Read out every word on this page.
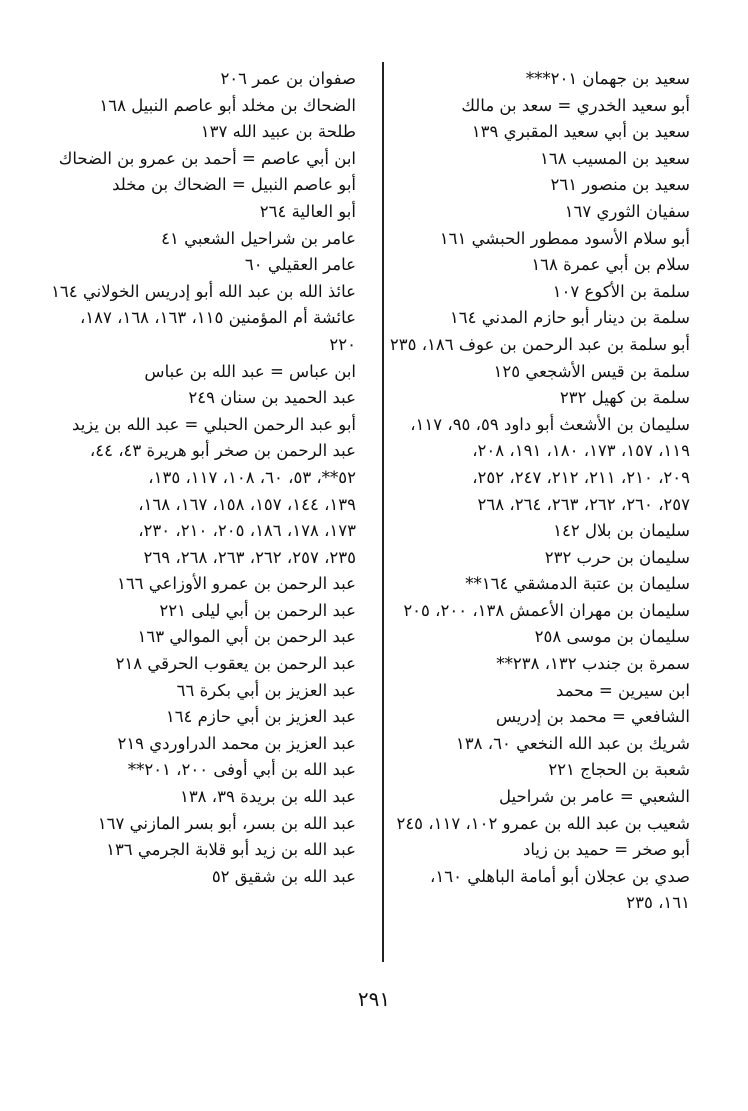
سعيد بن جهمان ٢٠١***
أبو سعيد الخدري = سعد بن مالك
سعيد بن أبي سعيد المقبري ١٣٩
سعيد بن المسيب ١٦٨
سعيد بن منصور ٢٦١
سفيان الثوري ١٦٧
أبو سلام الأسود ممطور الحبشي ١٦١
سلام بن أبي عمرة ١٦٨
سلمة بن الأكوع ١٠٧
سلمة بن دينار أبو حازم المدني ١٦٤
أبو سلمة بن عبد الرحمن بن عوف ١٨٦، ٢٣٥
سلمة بن قيس الأشجعي ١٢٥
سلمة بن كهيل ٢٣٢
سليمان بن الأشعث أبو داود ٥٩، ٩٥، ١١٧،
١١٩، ١٥٧، ١٧٣، ١٨٠، ١٩١، ٢٠٨،
٢٠٩، ٢١٠، ٢١١، ٢١٢، ٢٤٧، ٢٥٢،
٢٥٧، ٢٦٠، ٢٦٢، ٢٦٣، ٢٦٤، ٢٦٨
سليمان بن بلال ١٤٢
سليمان بن حرب ٢٣٢
سليمان بن عتبة الدمشقي ١٦٤**
سليمان بن مهران الأعمش ١٣٨، ٢٠٠، ٢٠٥
سليمان بن موسى ٢٥٨
سمرة بن جندب ١٣٢، ٢٣٨**
ابن سيرين = محمد
الشافعي = محمد بن إدريس
شريك بن عبد الله النخعي ٦٠، ١٣٨
شعبة بن الحجاج ٢٢١
الشعبي = عامر بن شراحيل
شعيب بن عبد الله بن عمرو ١٠٢، ١١٧، ٢٤٥
أبو صخر = حميد بن زياد
صدي بن عجلان أبو أمامة الباهلي ١٦٠،
١٦١، ٢٣٥
صفوان بن عمر ٢٠٦
الضحاك بن مخلد أبو عاصم النبيل ١٦٨
طلحة بن عبيد الله ١٣٧
ابن أبي عاصم = أحمد بن عمرو بن الضحاك
أبو عاصم النبيل = الضحاك بن مخلد
أبو العالية ٢٦٤
عامر بن شراحيل الشعبي ٤١
عامر العقيلي ٦٠
عائذ الله بن عبد الله أبو إدريس الخولاني ١٦٤
عائشة أم المؤمنين ١١٥، ١٦٣، ١٦٨، ١٨٧،
٢٢٠
ابن عباس = عبد الله بن عباس
عبد الحميد بن سنان ٢٤٩
أبو عبد الرحمن الحبلي = عبد الله بن يزيد
عبد الرحمن بن صخر أبو هريرة ٤٣، ٤٤،
٥٢**، ٥٣، ٦٠، ١٠٨، ١١٧، ١٣٥،
١٣٩، ١٤٤، ١٥٧، ١٥٨، ١٦٧، ١٦٨،
١٧٣، ١٧٨، ١٨٦، ٢٠٥، ٢١٠، ٢٣٠،
٢٣٥، ٢٥٧، ٢٦٢، ٢٦٣، ٢٦٨، ٢٦٩
عبد الرحمن بن عمرو الأوزاعي ١٦٦
عبد الرحمن بن أبي ليلى ٢٢١
عبد الرحمن بن أبي الموالي ١٦٣
عبد الرحمن بن يعقوب الحرقي ٢١٨
عبد العزيز بن أبي بكرة ٦٦
عبد العزيز بن أبي حازم ١٦٤
عبد العزيز بن محمد الدراوردي ٢١٩
عبد الله بن أبي أوفى ٢٠٠، ٢٠١**
عبد الله بن بريدة ٣٩، ١٣٨
عبد الله بن بسر، أبو بسر المازني ١٦٧
عبد الله بن زيد أبو قلابة الجرمي ١٣٦
عبد الله بن شقيق ٥٢
٢٩١
